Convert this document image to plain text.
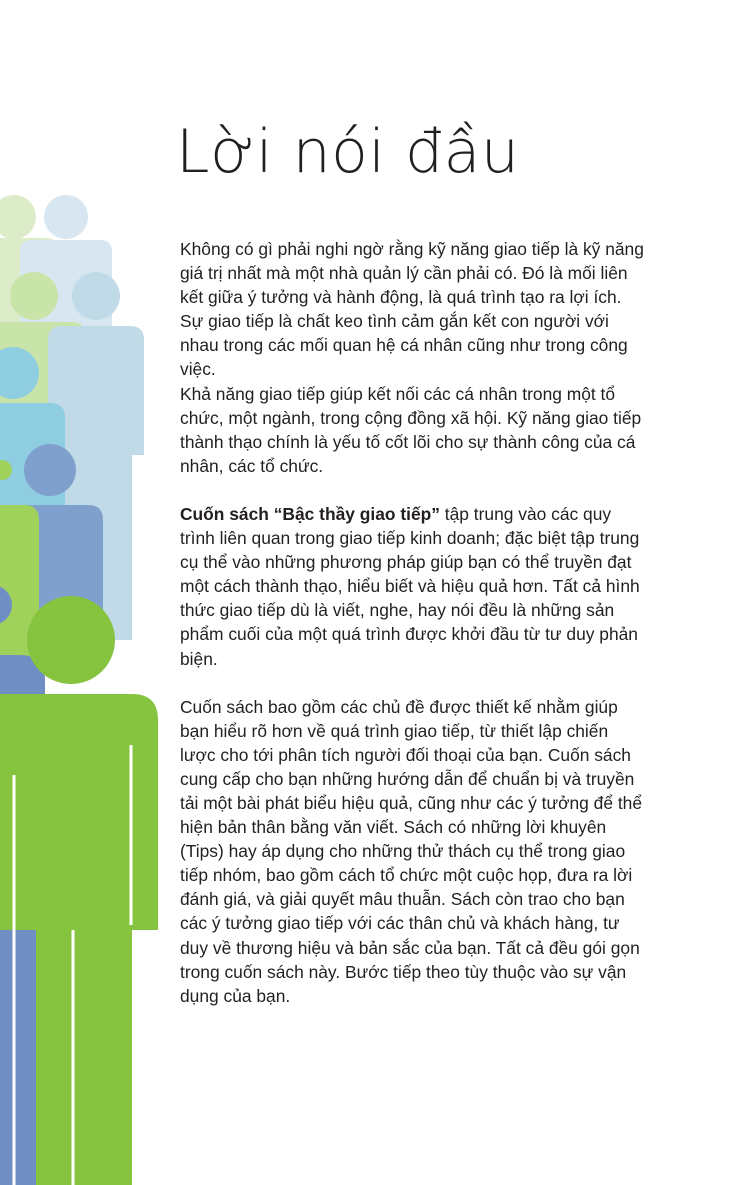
Lời nói đầu

Không có gì phải nghi ngờ rằng kỹ năng giao tiếp là kỹ năng giá trị nhất mà một nhà quản lý cần phải có. Đó là mối liên kết giữa ý tưởng và hành động, là quá trình tạo ra lợi ích. Sự giao tiếp là chất keo tình cảm gắn kết con người với nhau trong các mối quan hệ cá nhân cũng như trong công việc.

Khả năng giao tiếp giúp kết nối các cá nhân trong một tổ chức, một ngành, trong cộng đồng xã hội. Kỹ năng giao tiếp thành thạo chính là yếu tố cốt lõi cho sự thành công của cá nhân, các tổ chức.

Cuốn sách “Bậc thầy giao tiếp” tập trung vào các quy trình liên quan trong giao tiếp kinh doanh; đặc biệt tập trung cụ thể vào những phương pháp giúp bạn có thể truyền đạt một cách thành thạo, hiểu biết và hiệu quả hơn. Tất cả hình thức giao tiếp dù là viết, nghe, hay nói đều là những sản phẩm cuối của một quá trình được khởi đầu từ tư duy phản biện.

Cuốn sách bao gồm các chủ đề được thiết kế nhằm giúp bạn hiểu rõ hơn về quá trình giao tiếp, từ thiết lập chiến lược cho tới phân tích người đối thoại của bạn. Cuốn sách cung cấp cho bạn những hướng dẫn để chuẩn bị và truyền tải một bài phát biểu hiệu quả, cũng như các ý tưởng để thể hiện bản thân bằng văn viết. Sách có những lời khuyên (Tips) hay áp dụng cho những thử thách cụ thể trong giao tiếp nhóm, bao gồm cách tổ chức một cuộc họp, đưa ra lời đánh giá, và giải quyết mâu thuẫn. Sách còn trao cho bạn các ý tưởng giao tiếp với các thân chủ và khách hàng, tư duy về thương hiệu và bản sắc của bạn. Tất cả đều gói gọn trong cuốn sách này. Bước tiếp theo tùy thuộc vào sự vận dụng của bạn.
